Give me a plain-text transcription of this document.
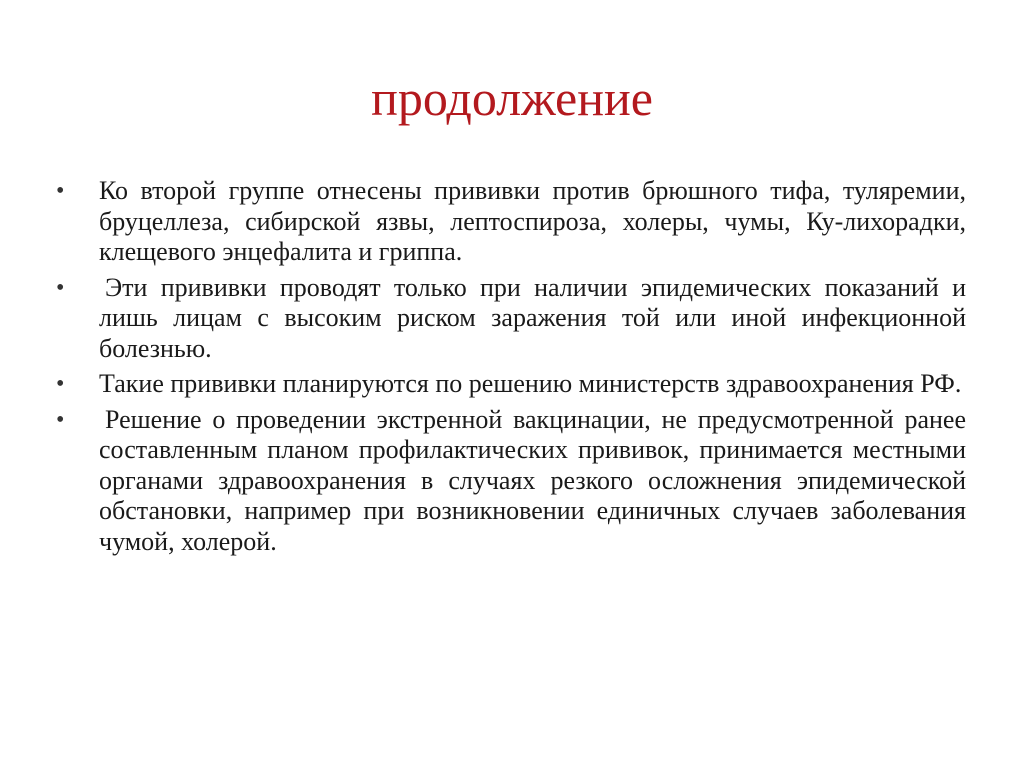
продолжение
•	Ко второй группе отнесены прививки против брюшного тифа, туляремии, бруцеллеза, сибирской язвы, лептоспироза, холеры, чумы, Ку-лихорадки, клещевого энцефалита и гриппа.
•	Эти прививки проводят только при наличии эпидемических показаний и лишь лицам с высоким риском заражения той или иной инфекционной болезнью.
•	Такие прививки планируются по решению министерств здравоохранения РФ.
•	Решение о проведении экстренной вакцинации, не предусмотренной ранее составленным планом профилактических прививок, принимается местными органами здравоохранения в случаях резкого осложнения эпидемической обстановки, например при возникновении единичных случаев заболевания чумой, холерой.
